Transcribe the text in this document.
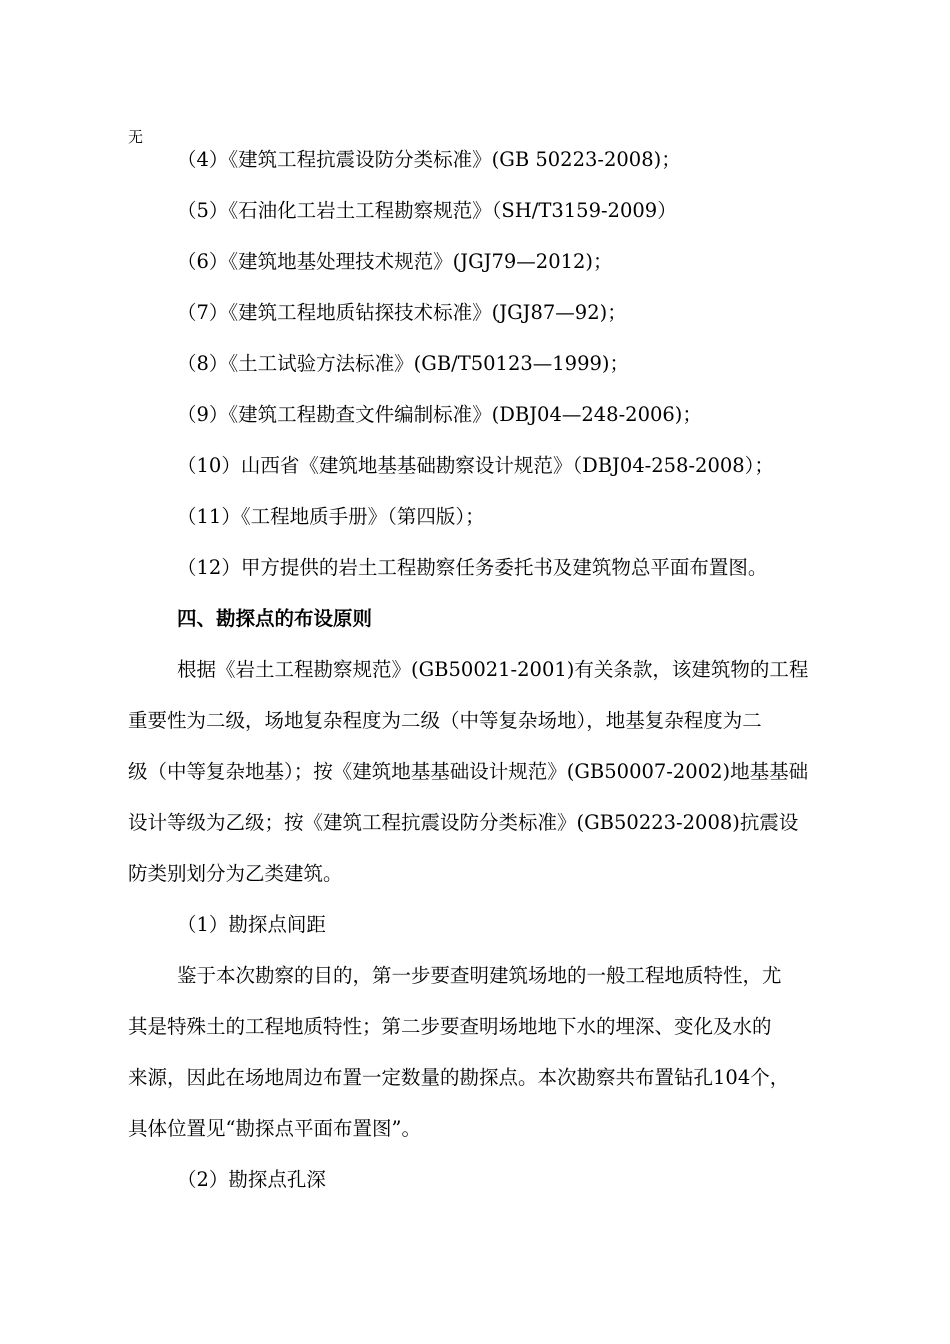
无
（4）《建筑工程抗震设防分类标准》(GB 50223-2008)；
（5）《石油化工岩土工程勘察规范》（SH/T3159-2009）
（6）《建筑地基处理技术规范》(JGJ79—2012)；
（7）《建筑工程地质钻探技术标准》(JGJ87—92)；
（8）《土工试验方法标准》(GB/T50123—1999)；
（9）《建筑工程勘查文件编制标准》(DBJ04—248-2006)；
（10）山西省《建筑地基基础勘察设计规范》（DBJ04-258-2008）；
（11）《工程地质手册》（第四版）；
（12）甲方提供的岩土工程勘察任务委托书及建筑物总平面布置图。
四、勘探点的布设原则
根据《岩土工程勘察规范》(GB50021-2001)有关条款，该建筑物的工程
重要性为二级，场地复杂程度为二级（中等复杂场地），地基复杂程度为二
级（中等复杂地基）；按《建筑地基基础设计规范》(GB50007-2002)地基基础
设计等级为乙级；按《建筑工程抗震设防分类标准》(GB50223-2008)抗震设
防类别划分为乙类建筑。
（1）勘探点间距
鉴于本次勘察的目的，第一步要查明建筑场地的一般工程地质特性，尤
其是特殊土的工程地质特性；第二步要查明场地地下水的埋深、变化及水的
来源，因此在场地周边布置一定数量的勘探点。本次勘察共布置钻孔104个，
具体位置见“勘探点平面布置图”。
（2）勘探点孔深
